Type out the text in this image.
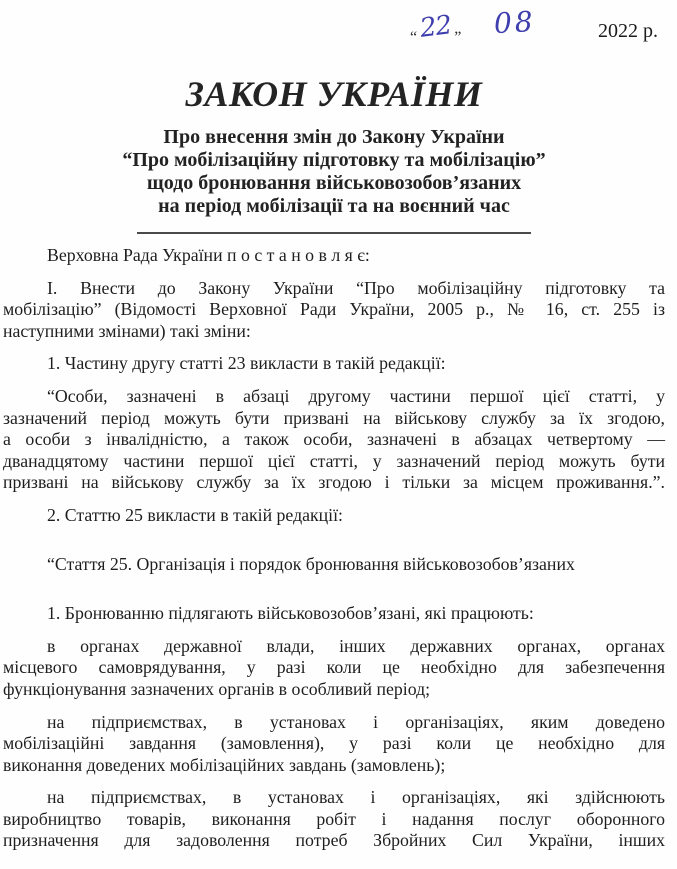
“22” 08	2022 р.
ЗАКОН УКРАЇНИ
Про внесення змін до Закону України
“Про мобілізаційну підготовку та мобілізацію”
щодо бронювання військовозобов’язаних
на період мобілізації та на воєнний час
Верховна Рада України п о с т а н о в л я є:
І. Внести до Закону України “Про мобілізаційну підготовку та
мобілізацію” (Відомості Верховної Ради України, 2005 р., № 16, ст. 255 із
наступними змінами) такі зміни:
1. Частину другу статті 23 викласти в такій редакції:
“Особи, зазначені в абзаці другому частини першої цієї статті, у
зазначений період можуть бути призвані на військову службу за їх згодою,
а особи з інвалідністю, а також особи, зазначені в абзацах четвертому —
дванадцятому частини першої цієї статті, у зазначений період можуть бути
призвані на військову службу за їх згодою і тільки за місцем проживання.”.
2. Статтю 25 викласти в такій редакції:
“Стаття 25. Організація і порядок бронювання військовозобов’язаних
1. Бронюванню підлягають військовозобов’язані, які працюють:
в органах державної влади, інших державних органах, органах
місцевого самоврядування, у разі коли це необхідно для забезпечення
функціонування зазначених органів в особливий період;
на підприємствах, в установах і організаціях, яким доведено
мобілізаційні завдання (замовлення), у разі коли це необхідно для
виконання доведених мобілізаційних завдань (замовлень);
на підприємствах, в установах і організаціях, які здійснюють
виробництво товарів, виконання робіт і надання послуг оборонного
призначення для задоволення потреб Збройних Сил України, інших
